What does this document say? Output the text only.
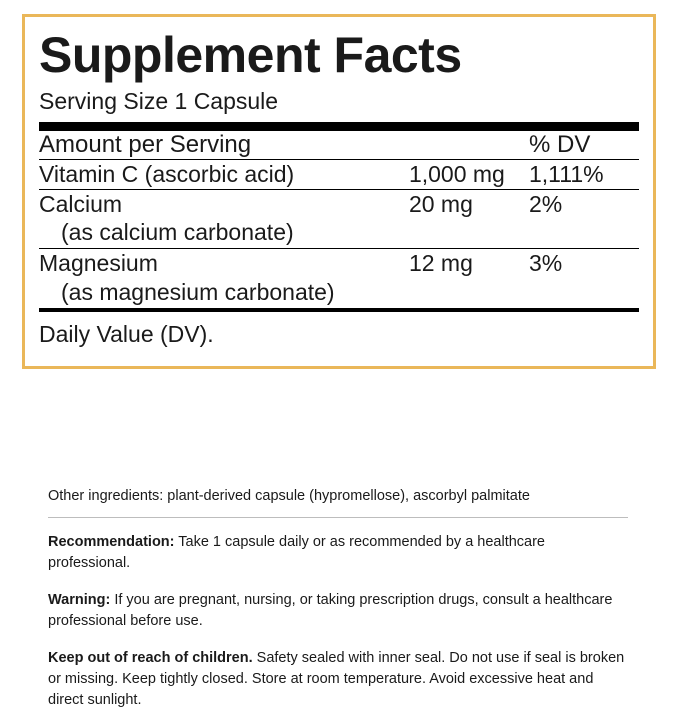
Supplement Facts
Serving Size 1 Capsule
Amount per Serving		% DV

Vitamin C (ascorbic acid)	1,000 mg	1,111%

Calcium
(as calcium carbonate)	20 mg	2%

Magnesium
(as magnesium carbonate)	12 mg	3%
Daily Value (DV).
Other ingredients: plant-derived capsule (hypromellose), ascorbyl palmitate

Recommendation: Take 1 capsule daily or as recommended by a healthcare professional.

Warning: If you are pregnant, nursing, or taking prescription drugs, consult a healthcare professional before use.

Keep out of reach of children. Safety sealed with inner seal. Do not use if seal is broken or missing. Keep tightly closed. Store at room temperature. Avoid excessive heat and direct sunlight.
